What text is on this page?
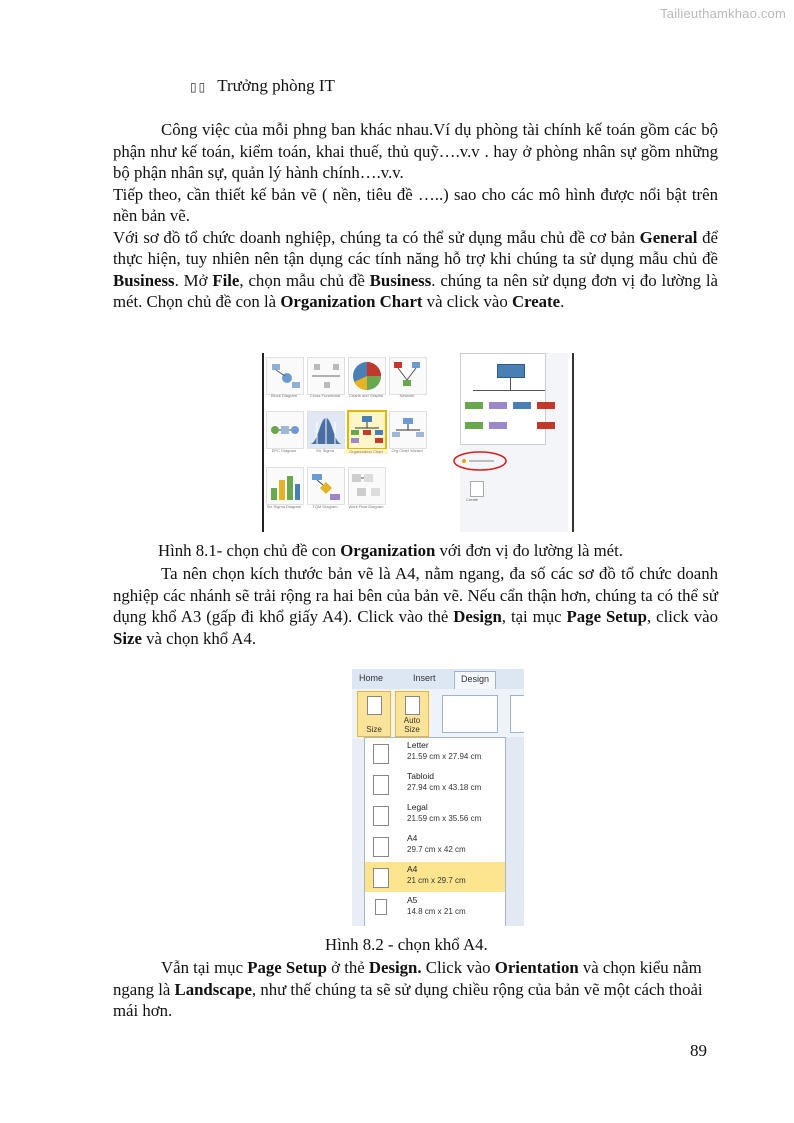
Tailieuthamkhao.com
▯▯ Trưởng phòng IT

Công việc của mỗi phng ban khác nhau.Ví dụ phòng tài chính kế toán gồm các bộ phận như kế toán, kiểm toán, khai thuế, thủ quỹ….v.v . hay ở phòng nhân sự gồm những bộ phận nhân sự, quản lý hành chính….v.v.

Tiếp theo, cần thiết kế bản vẽ ( nền, tiêu đề …..) sao cho các mô hình được nổi bật trên nền bản vẽ.

Với sơ đồ tổ chức doanh nghiệp, chúng ta có thể sử dụng mẫu chủ đề cơ bản General để thực hiện, tuy nhiên nên tận dụng các tính năng hỗ trợ khi chúng ta sử dụng mẫu chủ đề Business. Mở File, chọn mẫu chủ đề Business. chúng ta nên sử dụng đơn vị đo lường là mét. Chọn chủ đề con là Organization Chart và click vào Create.

Block Diagram	Cross-Functional	Charts and Graphs	Network
EPC Diagram	Six Sigma	Organization Chart	Org Chart Wizard
Six Sigma Diagram	TQM Diagram	Work Flow Diagram
Create
Hình 8.1- chọn chủ đề con Organization với đơn vị đo lường là mét.

Ta nên chọn kích thước bản vẽ là A4, nằm ngang, đa số các sơ đồ tổ chức doanh nghiệp các nhánh sẽ trải rộng ra hai bên của bản vẽ. Nếu cẩn thận hơn, chúng ta có thể sử dụng khổ A3 (gấp đi khổ giấy A4). Click vào thẻ Design, tại mục Page Setup, click vào Size và chọn khổ A4.

Home	Insert	Design
Size
Auto Size
Letter
21.59 cm x 27.94 cm
Tabloid
27.94 cm x 43.18 cm
Legal
21.59 cm x 35.56 cm
A4
29.7 cm x 42 cm
A4
21 cm x 29.7 cm
A5
14.8 cm x 21 cm
Hình 8.2 - chọn khổ A4.

Vẫn tại mục Page Setup ở thẻ Design. Click vào Orientation và chọn kiểu nằm ngang là Landscape, như thế chúng ta sẽ sử dụng chiều rộng của bản vẽ một cách thoải mái hơn.

89
